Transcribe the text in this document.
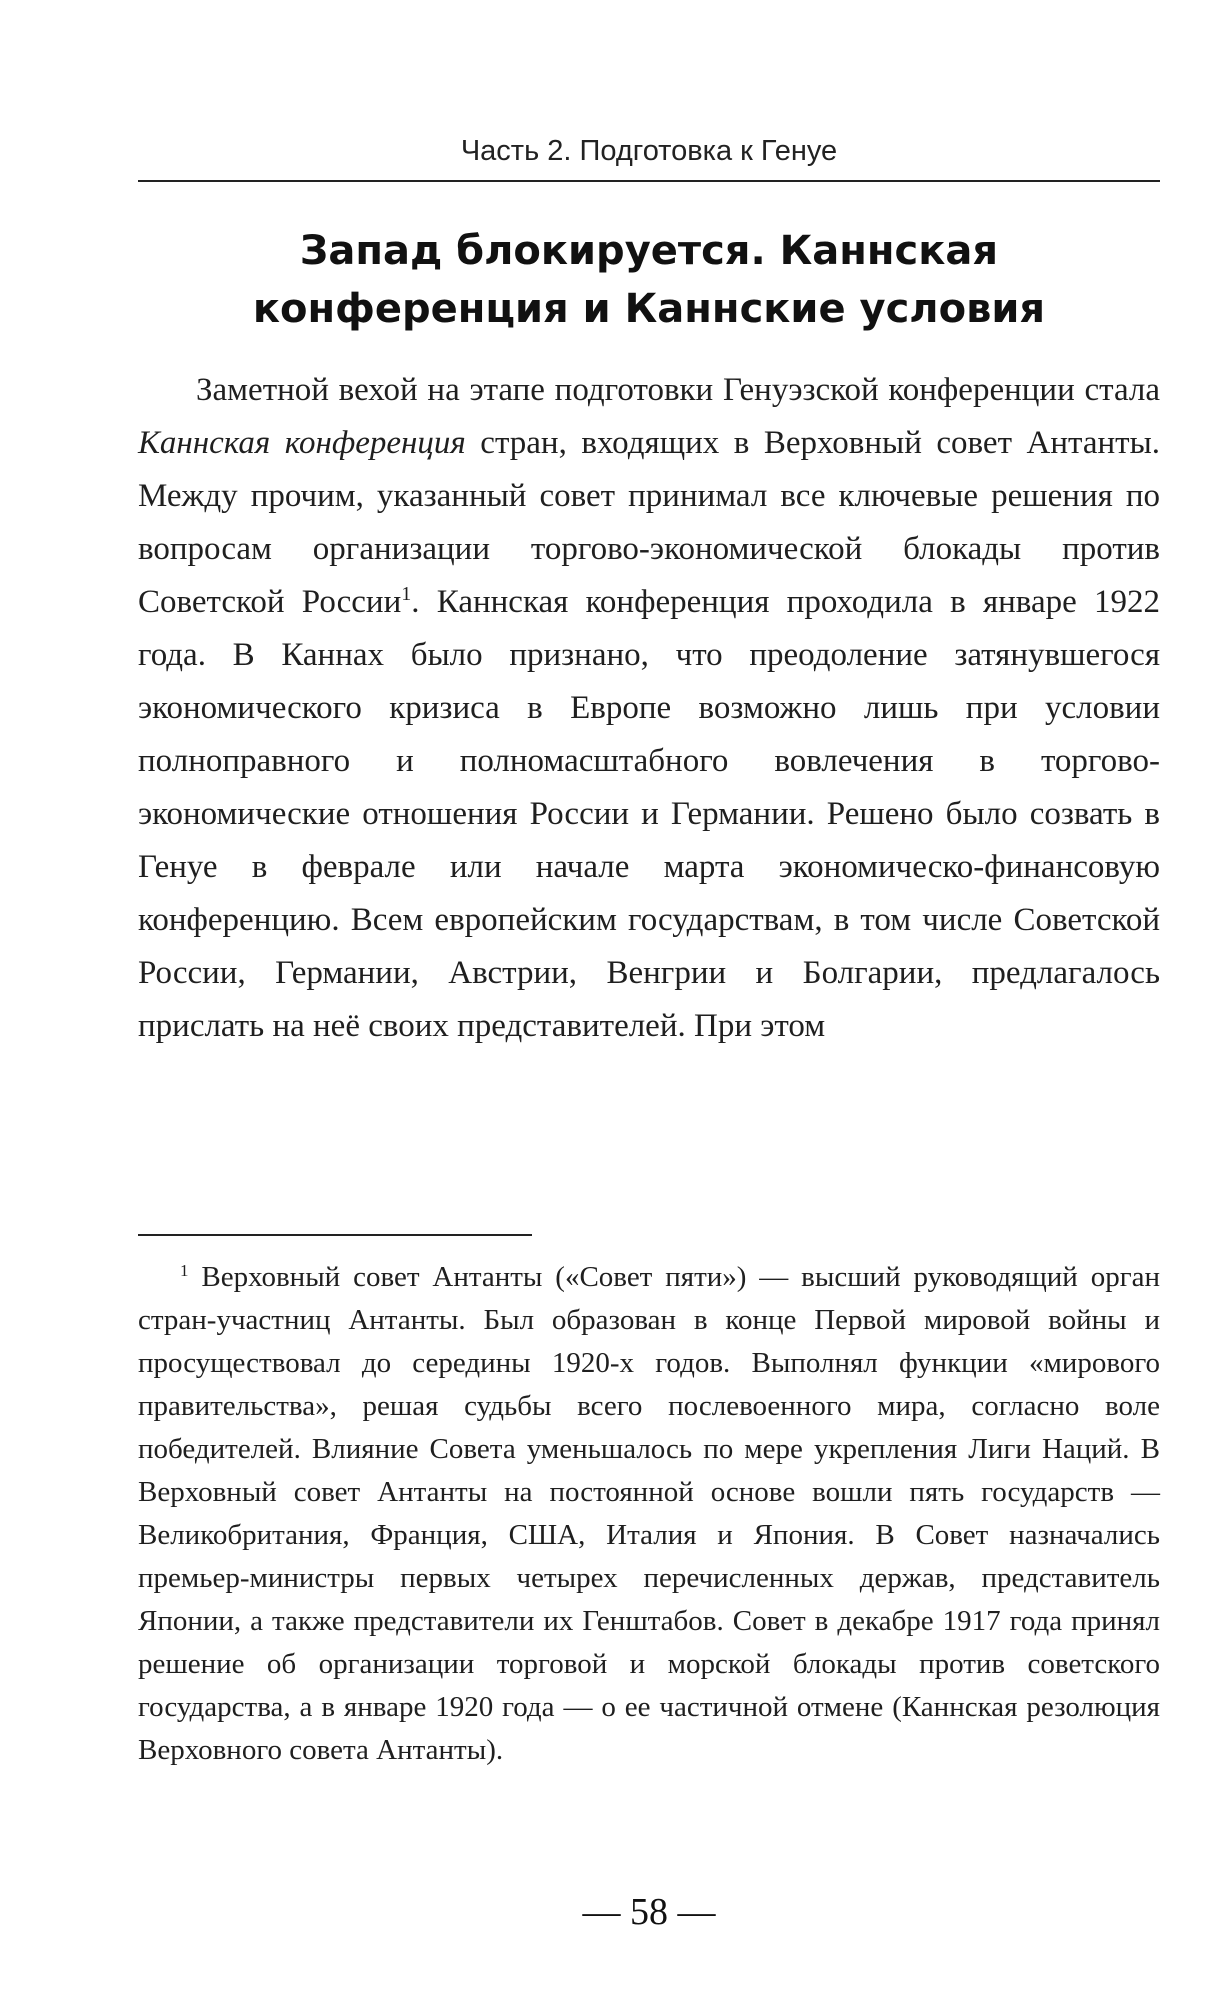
Часть 2. Подготовка к Генуе
Запад блокируется. Каннская
конференция и Каннские условия

Заметной вехой на этапе подготовки Генуэзской конференции стала Каннская конференция стран, входящих в Верховный совет Антанты. Между прочим, указанный совет принимал все ключевые решения по вопросам организации торгово-экономической блокады против Советской России$^1$. Каннская конференция проходила в январе 1922 года. В Каннах было признано, что преодоление затянувшегося экономического кризиса в Европе возможно лишь при условии полноправного и полномасштабного вовлечения в торгово-экономические отношения России и Германии. Решено было созвать в Генуе в феврале или начале марта экономическо-финансовую конференцию. Всем европейским государствам, в том числе Советской России, Германии, Австрии, Венгрии и Болгарии, предлагалось прислать на неё своих представителей. При этом

$^1$ Верховный совет Антанты («Совет пяти») — высший руководящий орган стран-участниц Антанты. Был образован в конце Первой мировой войны и просуществовал до середины 1920-х годов. Выполнял функции «мирового правительства», решая судьбы всего послевоенного мира, согласно воле победителей. Влияние Совета уменьшалось по мере укрепления Лиги Наций. В Верховный совет Антанты на постоянной основе вошли пять государств — Великобритания, Франция, США, Италия и Япония. В Совет назначались премьер-министры первых четырех перечисленных держав, представитель Японии, а также представители их Генштабов. Совет в декабре 1917 года принял решение об организации торговой и морской блокады против советского государства, а в январе 1920 года — о ее частичной отмене (Каннская резолюция Верховного совета Антанты).

— 58 —
